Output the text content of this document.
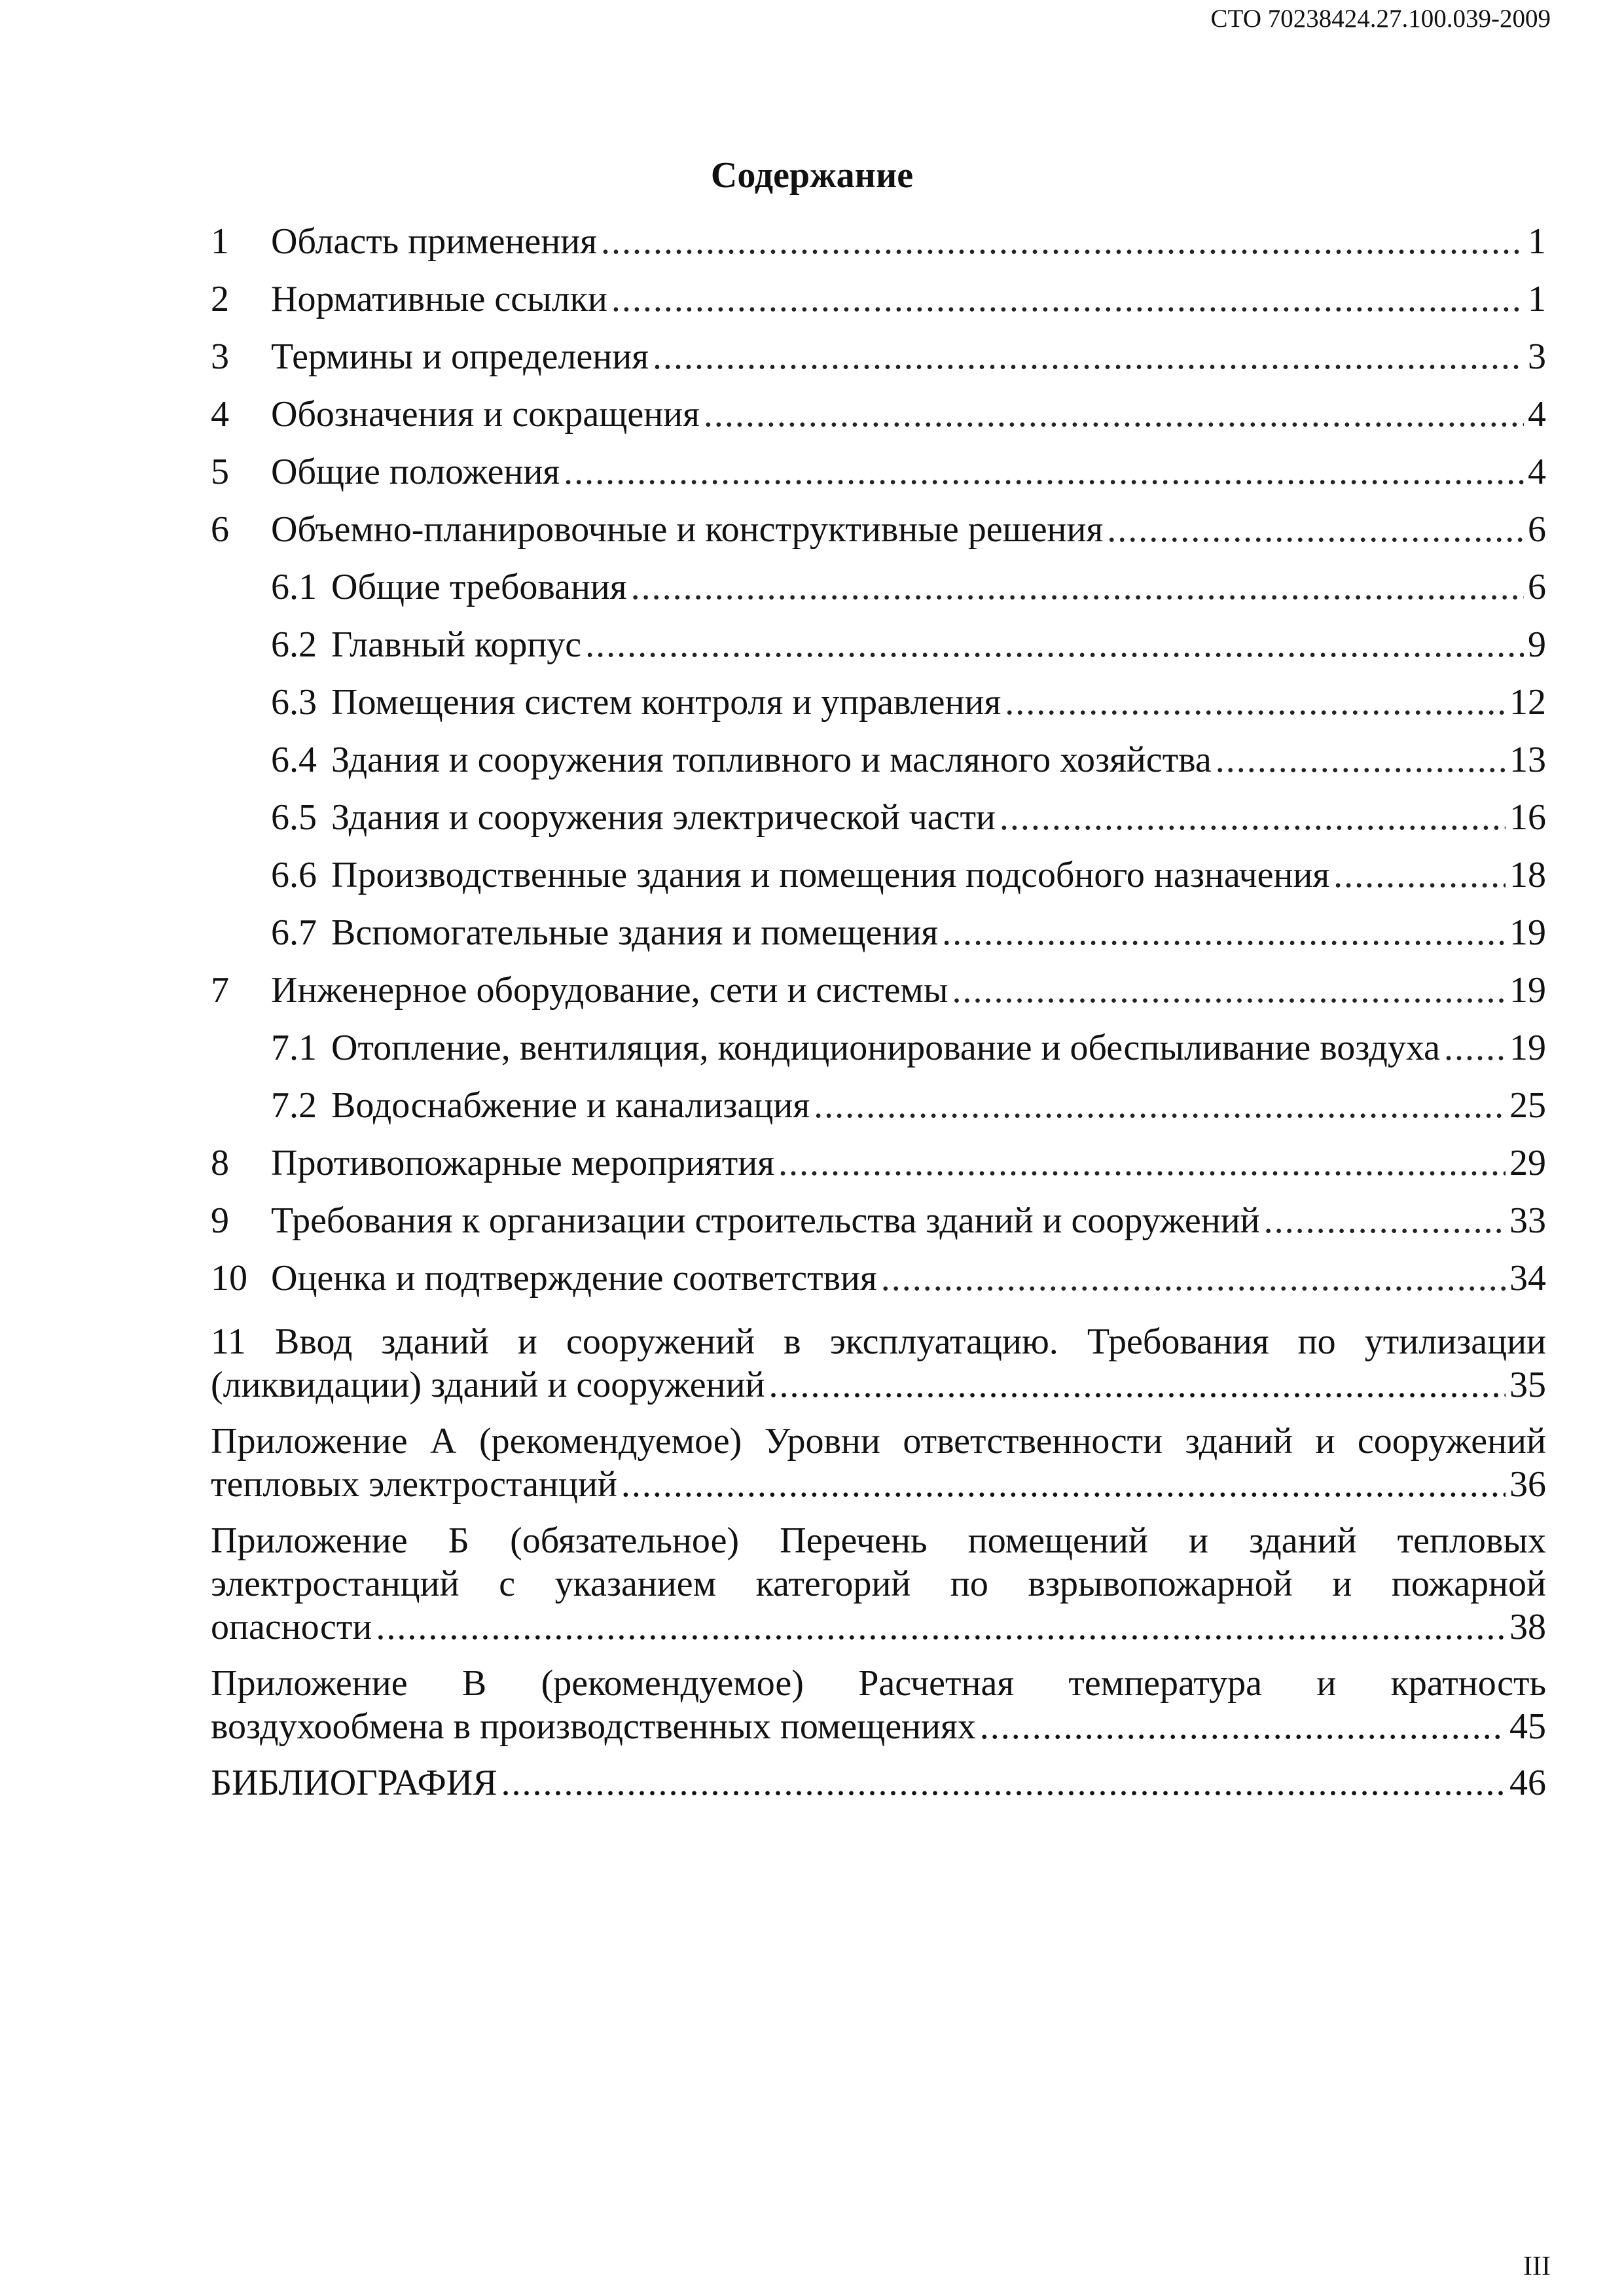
СТО 70238424.27.100.039-2009
Содержание
1	Область применения .....	1
2	Нормативные ссылки .....	1
3	Термины и определения .....	3
4	Обозначения и сокращения .....	4
5	Общие положения .....	4
6	Объемно-планировочные и конструктивные решения .....	6
6.1 Общие требования .....	6
6.2 Главный корпус .....	9
6.3 Помещения систем контроля и управления .....	12
6.4 Здания и сооружения топливного и масляного хозяйства .....	13
6.5 Здания и сооружения электрической части .....	16
6.6 Производственные здания и помещения подсобного назначения .....	18
6.7 Вспомогательные здания и помещения .....	19
7	Инженерное оборудование, сети и системы .....	19
7.1 Отопление, вентиляция, кондиционирование и обеспыливание воздуха ..... 19
7.2 Водоснабжение и канализация .....	25
8	Противопожарные мероприятия .....	29
9	Требования к организации строительства зданий и сооружений .....	33
10 Оценка и подтверждение соответствия .....	34
11 Ввод зданий и сооружений в эксплуатацию. Требования по утилизации
(ликвидации) зданий и сооружений .....	35
Приложение А (рекомендуемое) Уровни ответственности зданий и сооружений
тепловых электростанций .....	36
Приложение Б (обязательное) Перечень помещений и зданий тепловых
электростанций с указанием категорий по взрывопожарной и пожарной
опасности .....	38
Приложение В (рекомендуемое) Расчетная температура и кратность
воздухообмена в производственных помещениях .....	45
БИБЛИОГРАФИЯ .....	46
III
